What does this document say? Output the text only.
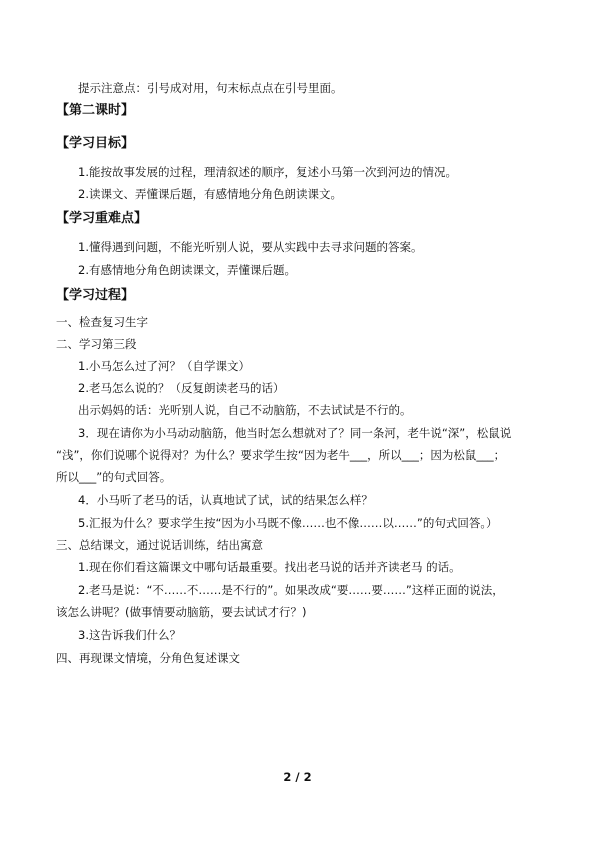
提示注意点：引号成对用，句末标点点在引号里面。
【第二课时】
【学习目标】
1.能按故事发展的过程，理清叙述的顺序，复述小马第一次到河边的情况。
2.读课文、弄懂课后题，有感情地分角色朗读课文。
【学习重难点】
1.懂得遇到问题，不能光听别人说，要从实践中去寻求问题的答案。
2.有感情地分角色朗读课文，弄懂课后题。
【学习过程】
一、检查复习生字
二、学习第三段
1.小马怎么过了河？（自学课文）
2.老马怎么说的？（反复朗读老马的话）
出示妈妈的话：光听别人说，自己不动脑筋，不去试试是不行的。
3．现在请你为小马动动脑筋，他当时怎么想就对了？同一条河，老牛说“深”，松鼠说
“浅”，你们说哪个说得对？为什么？要求学生按“因为老牛___，所以___；因为松鼠___；
所以___”的句式回答。
4．小马听了老马的话，认真地试了试，试的结果怎么样？
5.汇报为什么？要求学生按“因为小马既不像……也不像……以……”的句式回答。）
三、总结课文，通过说话训练，结出寓意
1.现在你们看这篇课文中哪句话最重要。找出老马说的话并齐读老马 的话。
2.老马是说：“不……不……是不行的”。如果改成“要……要……”这样正面的说法，
该怎么讲呢？(做事情要动脑筋，要去试试才行？)
3.这告诉我们什么？
四、再现课文情境，分角色复述课文
2 / 2
